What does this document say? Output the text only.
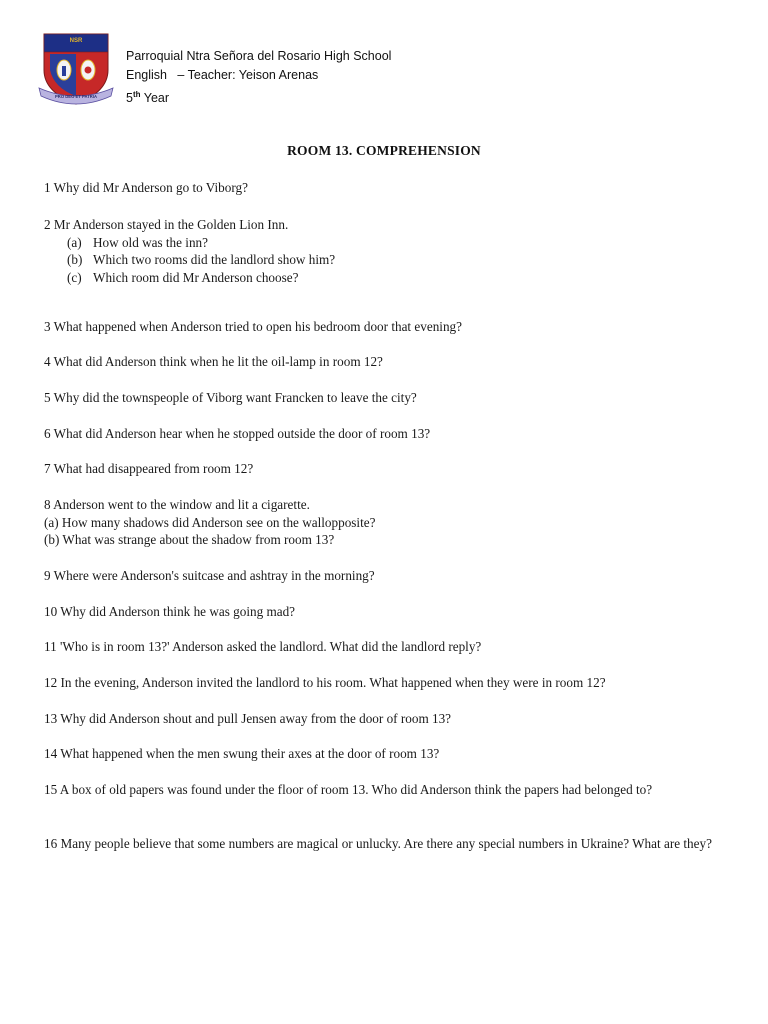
NSR
PRO DEO ET PATRIA
Parroquial Ntra Señora del Rosario High School
English   – Teacher: Yeison Arenas
5th Year
ROOM 13. COMPREHENSION
1 Why did Mr Anderson go to Viborg?
2 Mr Anderson stayed in the Golden Lion Inn.
(a) How old was the inn?
(b) Which two rooms did the landlord show him?
(c) Which room did Mr Anderson choose?
3 What happened when Anderson tried to open his bedroom door that evening?
4 What did Anderson think when he lit the oil-lamp in room 12?
5 Why did the townspeople of Viborg want Francken to leave the city?
6 What did Anderson hear when he stopped outside the door of room 13?
7 What had disappeared from room 12?
8 Anderson went to the window and lit a cigarette.
(a) How many shadows did Anderson see on the wallopposite?
(b) What was strange about the shadow from room 13?
9 Where were Anderson's suitcase and ashtray in the morning?
10 Why did Anderson think he was going mad?
11 'Who is in room 13?' Anderson asked the landlord. What did the landlord reply?
12 In the evening, Anderson invited the landlord to his room. What happened when they were in room 12?
13 Why did Anderson shout and pull Jensen away from the door of room 13?
14 What happened when the men swung their axes at the door of room 13?
15 A box of old papers was found under the floor of room 13. Who did Anderson think the papers had belonged to?
16 Many people believe that some numbers are magical or unlucky. Are there any special numbers in Ukraine? What are they?
